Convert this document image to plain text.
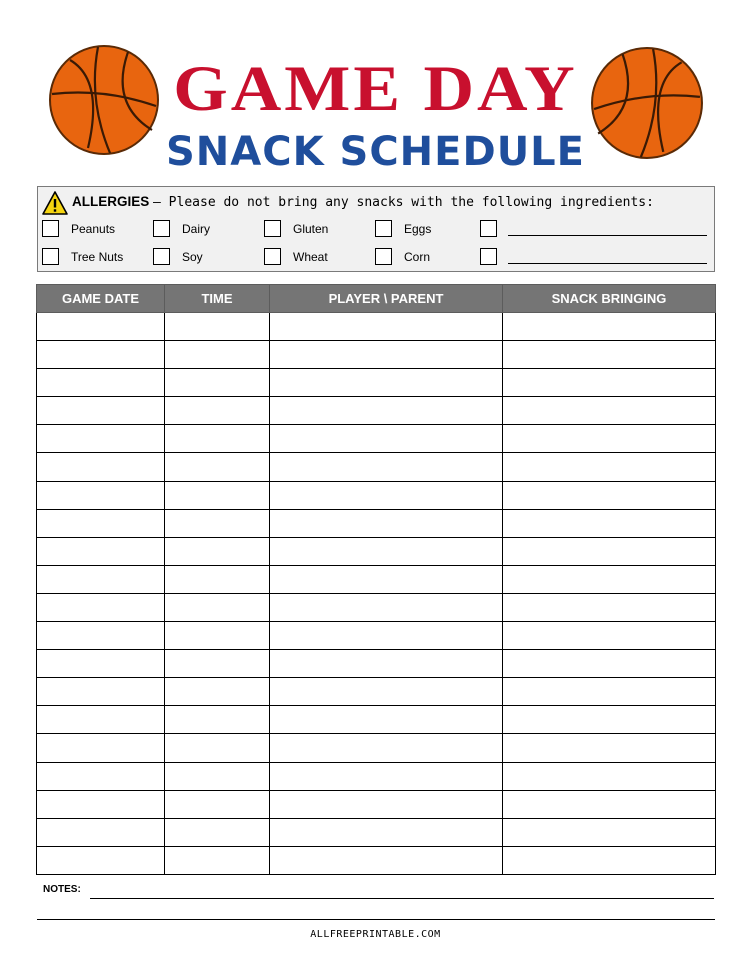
GAME DAY
SNACK SCHEDULE
ALLERGIES – Please do not bring any snacks with the following ingredients:
Peanuts	Dairy	Gluten	Eggs
Tree Nuts	Soy	Wheat	Corn
GAME DATE	TIME	PLAYER \ PARENT	SNACK BRINGING

NOTES:
ALLFREEPRINTABLE.COM
